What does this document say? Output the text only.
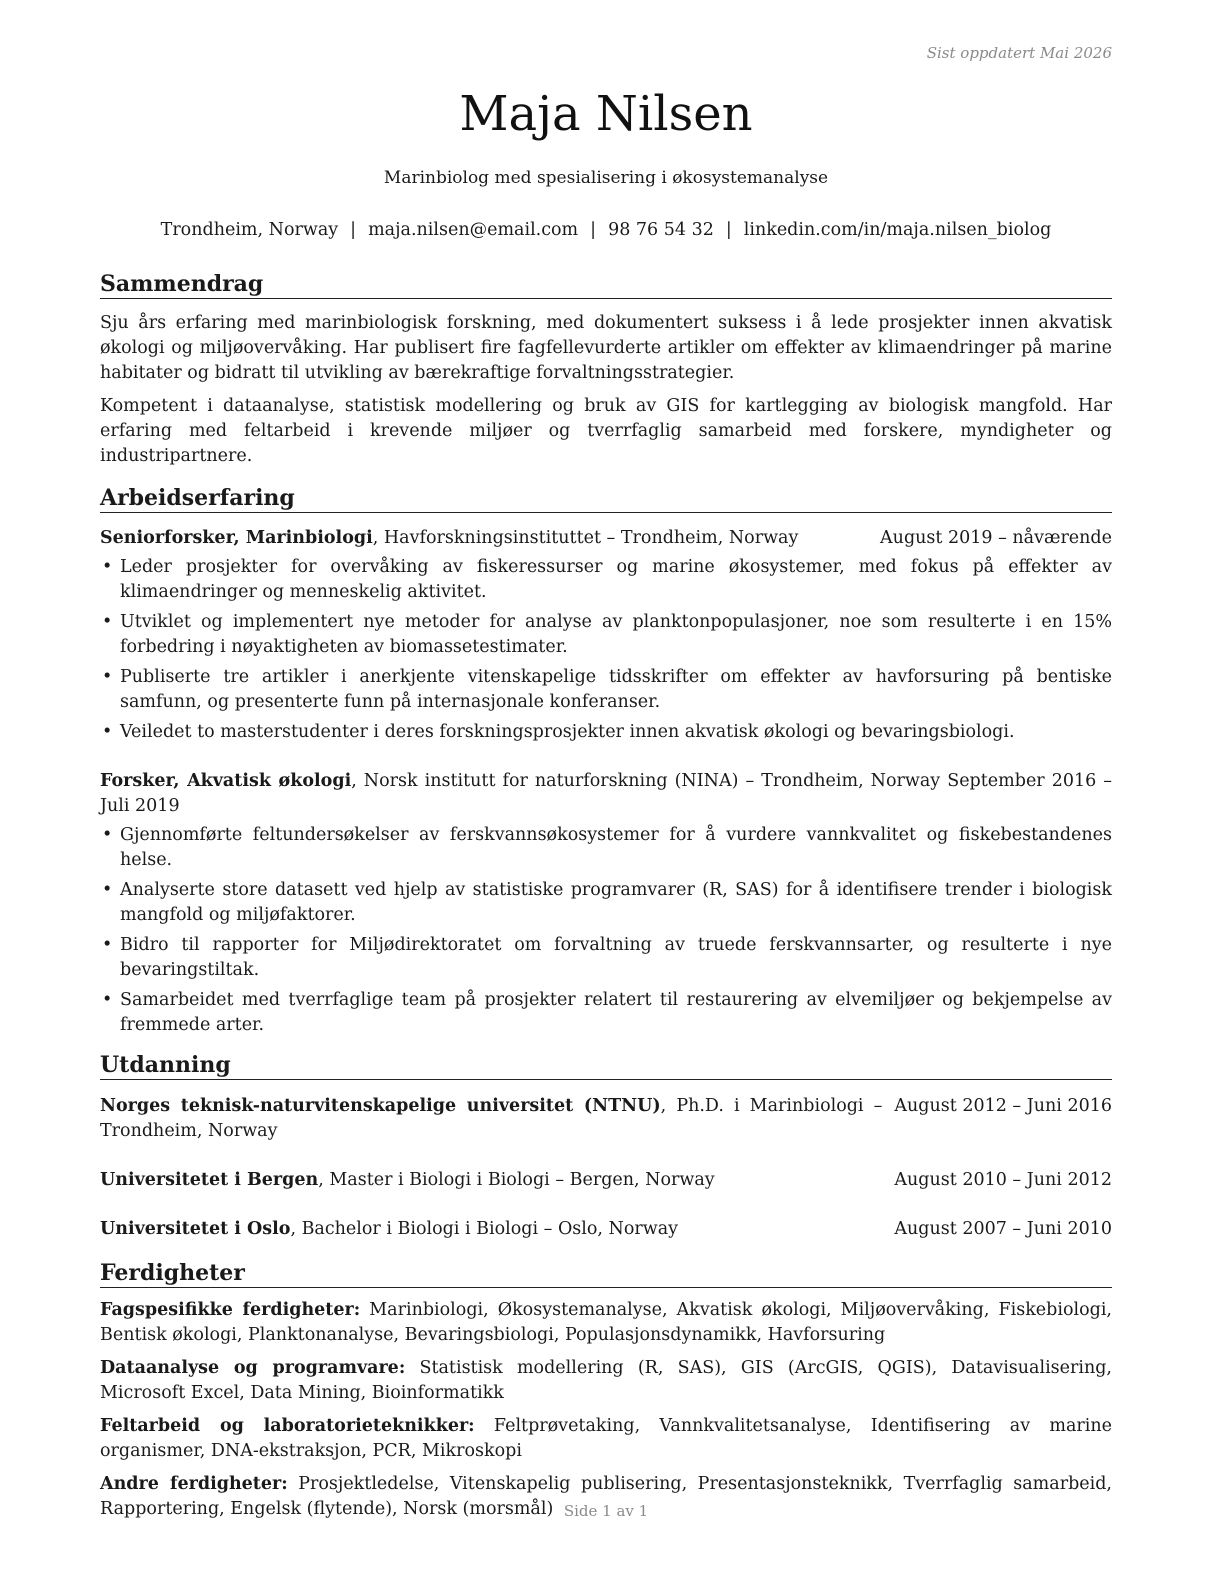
Sist oppdatert Mai 2026
Maja Nilsen
Marinbiolog med spesialisering i økosystemanalyse
Trondheim, Norway | maja.nilsen@email.com | 98 76 54 32 | linkedin.com/in/maja.nilsen_biolog
Sammendrag

Sju års erfaring med marinbiologisk forskning, med dokumentert suksess i å lede prosjekter innen akvatisk økologi og miljøovervåking. Har publisert fire fagfellevurderte artikler om effekter av klimaendringer på marine habitater og bidratt til utvikling av bærekraftige forvaltningsstrategier.

Kompetent i dataanalyse, statistisk modellering og bruk av GIS for kartlegging av biologisk mangfold. Har erfaring med feltarbeid i krevende miljøer og tverrfaglig samarbeid med forskere, myndigheter og industripartnere.

Arbeidserfaring
Seniorforsker, Marinbiologi, Havforskningsinstituttet – Trondheim, Norway	August 2019 – nåværende
• Leder prosjekter for overvåking av fiskeressurser og marine økosystemer, med fokus på effekter av klimaendringer og menneskelig aktivitet.
• Utviklet og implementert nye metoder for analyse av planktonpopulasjoner, noe som resulterte i en 15% forbedring i nøyaktigheten av biomassetestimater.
• Publiserte tre artikler i anerkjente vitenskapelige tidsskrifter om effekter av havforsuring på bentiske samfunn, og presenterte funn på internasjonale konferanser.
• Veiledet to masterstudenter i deres forskningsprosjekter innen akvatisk økologi og bevaringsbiologi.
Forsker, Akvatisk økologi, Norsk institutt for naturforskning (NINA) – Trondheim, Norway September 2016 – Juli 2019
• Gjennomførte feltundersøkelser av ferskvannsøkosystemer for å vurdere vannkvalitet og fiskebestandenes helse.
• Analyserte store datasett ved hjelp av statistiske programvarer (R, SAS) for å identifisere trender i biologisk mangfold og miljøfaktorer.
• Bidro til rapporter for Miljødirektoratet om forvaltning av truede ferskvannsarter, og resulterte i nye bevaringstiltak.
• Samarbeidet med tverrfaglige team på prosjekter relatert til restaurering av elvemiljøer og bekjempelse av fremmede arter.
Utdanning
Norges teknisk-naturvitenskapelige universitet (NTNU), Ph.D. i Marinbiologi – Trondheim, Norway
August 2012 – Juni 2016
Universitetet i Bergen, Master i Biologi i Biologi – Bergen, Norway	August 2010 – Juni 2012
Universitetet i Oslo, Bachelor i Biologi i Biologi – Oslo, Norway	August 2007 – Juni 2010
Ferdigheter

Fagspesifikke ferdigheter: Marinbiologi, Økosystemanalyse, Akvatisk økologi, Miljøovervåking, Fiskebiologi, Bentisk økologi, Planktonanalyse, Bevaringsbiologi, Populasjonsdynamikk, Havforsuring

Dataanalyse og programvare: Statistisk modellering (R, SAS), GIS (ArcGIS, QGIS), Datavisualisering, Microsoft Excel, Data Mining, Bioinformatikk

Feltarbeid og laboratorieteknikker: Feltprøvetaking, Vannkvalitetsanalyse, Identifisering av marine organismer, DNA-ekstraksjon, PCR, Mikroskopi

Andre ferdigheter: Prosjektledelse, Vitenskapelig publisering, Presentasjonsteknikk, Tverrfaglig samarbeid, Rapportering, Engelsk (flytende), Norsk (morsmål) Side 1 av 1
